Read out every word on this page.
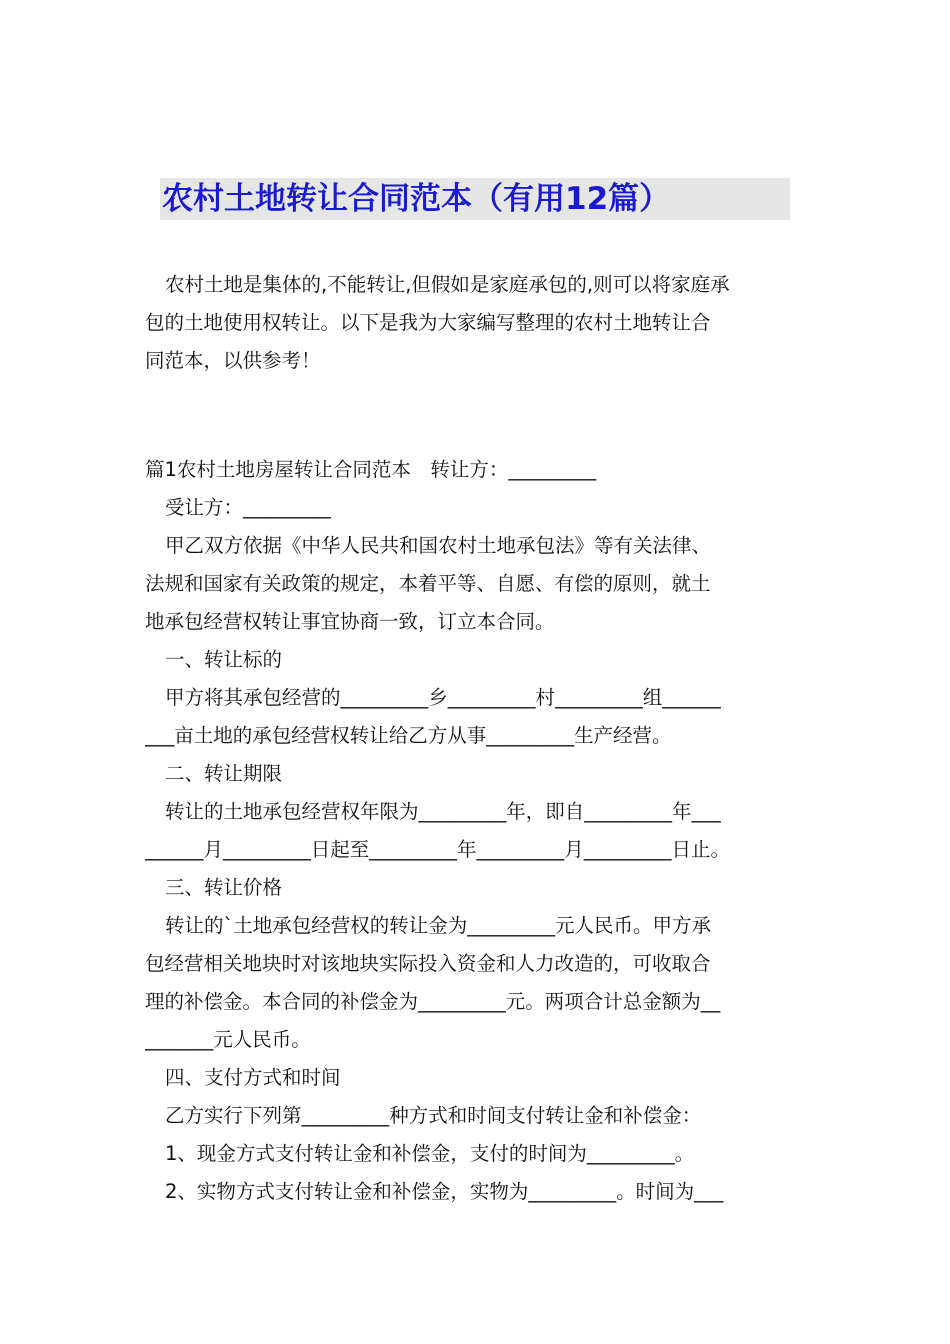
农村土地转让合同范本（有用12篇）
农村土地是集体的,不能转让,但假如是家庭承包的,则可以将家庭承
包的土地使用权转让。以下是我为大家编写整理的农村土地转让合
同范本，以供参考！
篇1农村土地房屋转让合同范本　转让方：_________
受让方：_________
甲乙双方依据《中华人民共和国农村土地承包法》等有关法律、
法规和国家有关政策的规定，本着平等、自愿、有偿的原则，就土
地承包经营权转让事宜协商一致，订立本合同。
一、转让标的
甲方将其承包经营的_________乡_________村_________组______
___亩土地的承包经营权转让给乙方从事_________生产经营。
二、转让期限
转让的土地承包经营权年限为_________年，即自_________年___
______月_________日起至_________年_________月_________日止。
三、转让价格
转让的`土地承包经营权的转让金为_________元人民币。甲方承
包经营相关地块时对该地块实际投入资金和人力改造的，可收取合
理的补偿金。本合同的补偿金为_________元。两项合计总金额为__
_______元人民币。
四、支付方式和时间
乙方实行下列第_________种方式和时间支付转让金和补偿金：
1、现金方式支付转让金和补偿金，支付的时间为_________。
2、实物方式支付转让金和补偿金，实物为_________。时间为___
